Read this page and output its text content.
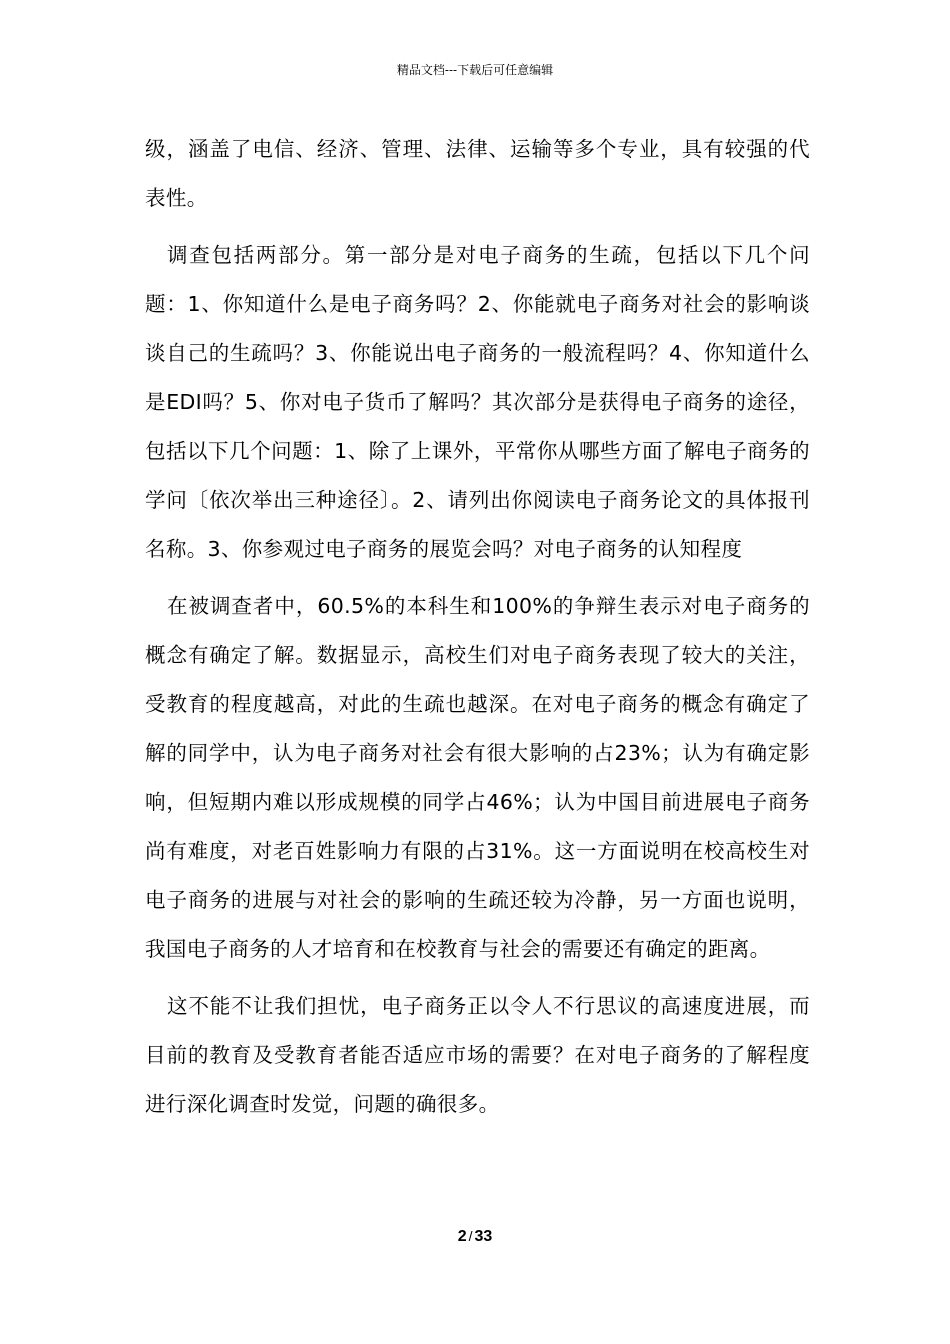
精品文档---下载后可任意编辑

级，涵盖了电信、经济、管理、法律、运输等多个专业，具有较强的代表性。

调查包括两部分。第一部分是对电子商务的生疏，包括以下几个问题：1、你知道什么是电子商务吗？2、你能就电子商务对社会的影响谈谈自己的生疏吗？3、你能说出电子商务的一般流程吗？4、你知道什么是EDI吗？5、你对电子货币了解吗？其次部分是获得电子商务的途径，包括以下几个问题：1、除了上课外，平常你从哪些方面了解电子商务的学问〔依次举出三种途径〕。2、请列出你阅读电子商务论文的具体报刊名称。3、你参观过电子商务的展览会吗？对电子商务的认知程度

在被调查者中，60.5%的本科生和100%的争辩生表示对电子商务的概念有确定了解。数据显示，高校生们对电子商务表现了较大的关注，受教育的程度越高，对此的生疏也越深。在对电子商务的概念有确定了解的同学中，认为电子商务对社会有很大影响的占23%；认为有确定影响，但短期内难以形成规模的同学占46%；认为中国目前进展电子商务尚有难度，对老百姓影响力有限的占31%。这一方面说明在校高校生对电子商务的进展与对社会的影响的生疏还较为冷静，另一方面也说明，我国电子商务的人才培育和在校教育与社会的需要还有确定的距离。

这不能不让我们担忧，电子商务正以令人不行思议的高速度进展，而目前的教育及受教育者能否适应市场的需要？在对电子商务的了解程度进行深化调查时发觉，问题的确很多。

2 / 33
